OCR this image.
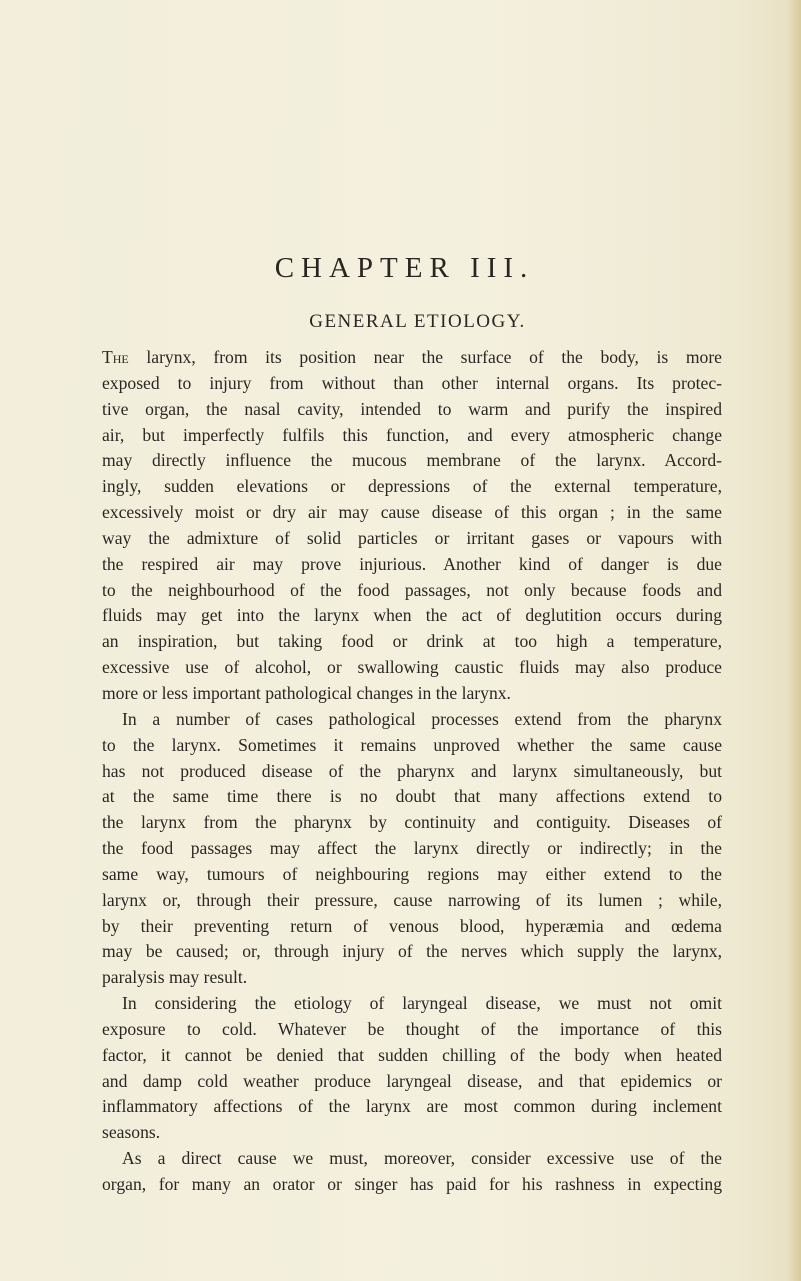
CHAPTER III.
GENERAL ETIOLOGY.
The larynx, from its position near the surface of the body, is more
exposed to injury from without than other internal organs. Its protec-
tive organ, the nasal cavity, intended to warm and purify the inspired
air, but imperfectly fulfils this function, and every atmospheric change
may directly influence the mucous membrane of the larynx. Accord-
ingly, sudden elevations or depressions of the external temperature,
excessively moist or dry air may cause disease of this organ ; in the same
way the admixture of solid particles or irritant gases or vapours with
the respired air may prove injurious. Another kind of danger is due
to the neighbourhood of the food passages, not only because foods and
fluids may get into the larynx when the act of deglutition occurs during
an inspiration, but taking food or drink at too high a temperature,
excessive use of alcohol, or swallowing caustic fluids may also produce
more or less important pathological changes in the larynx.
In a number of cases pathological processes extend from the pharynx
to the larynx. Sometimes it remains unproved whether the same cause
has not produced disease of the pharynx and larynx simultaneously, but
at the same time there is no doubt that many affections extend to
the larynx from the pharynx by continuity and contiguity. Diseases of
the food passages may affect the larynx directly or indirectly; in the
same way, tumours of neighbouring regions may either extend to the
larynx or, through their pressure, cause narrowing of its lumen ; while,
by their preventing return of venous blood, hyperæmia and œdema
may be caused; or, through injury of the nerves which supply the larynx,
paralysis may result.
In considering the etiology of laryngeal disease, we must not omit
exposure to cold. Whatever be thought of the importance of this
factor, it cannot be denied that sudden chilling of the body when heated
and damp cold weather produce laryngeal disease, and that epidemics or
inflammatory affections of the larynx are most common during inclement
seasons.
As a direct cause we must, moreover, consider excessive use of the
organ, for many an orator or singer has paid for his rashness in expecting
